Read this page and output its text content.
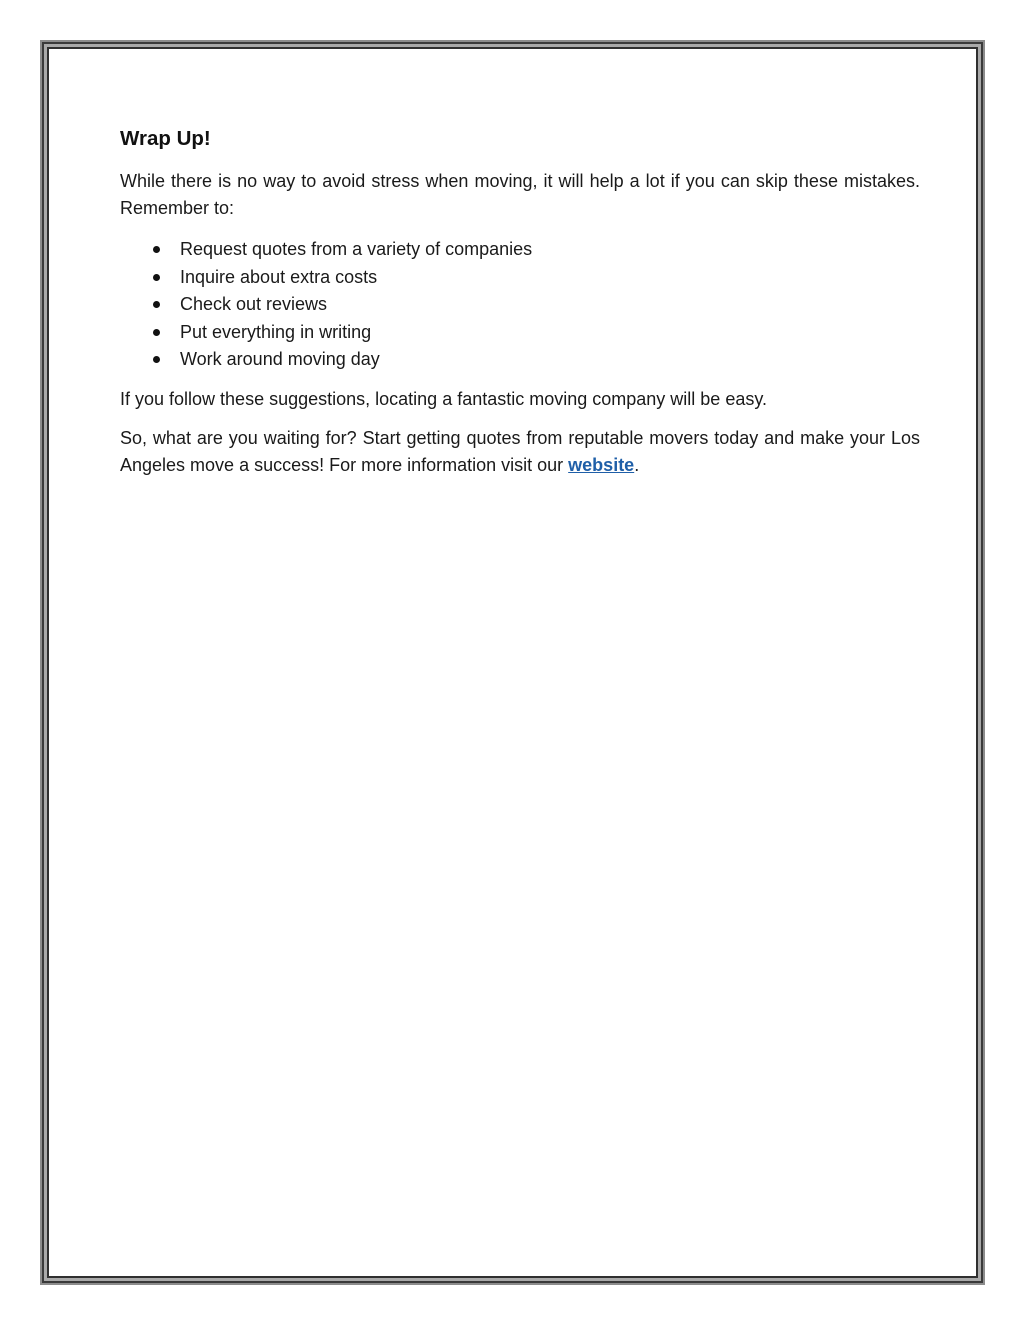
Wrap Up!

While there is no way to avoid stress when moving, it will help a lot if you can skip these mistakes. Remember to:

Request quotes from a variety of companies
Inquire about extra costs
Check out reviews
Put everything in writing
Work around moving day

If you follow these suggestions, locating a fantastic moving company will be easy.

So, what are you waiting for? Start getting quotes from reputable movers today and make your Los Angeles move a success! For more information visit our website.
